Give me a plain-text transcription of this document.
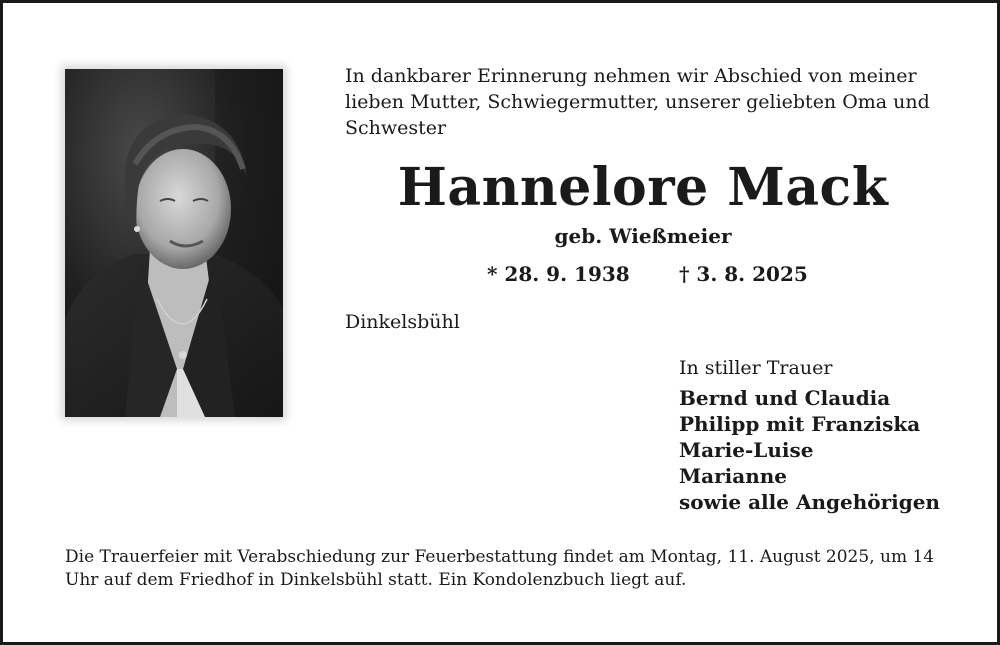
In dankbarer Erinnerung nehmen wir Abschied von meiner lieben Mutter, Schwiegermutter, unserer geliebten Oma und Schwester
Hannelore Mack
geb. Wießmeier
* 28. 9. 1938 † 3. 8. 2025
Dinkelsbühl
In stiller Trauer
Bernd und Claudia
Philipp mit Franziska
Marie-Luise
Marianne
sowie alle Angehörigen
Die Trauerfeier mit Verabschiedung zur Feuerbestattung findet am Montag, 11. August 2025, um 14 Uhr auf dem Friedhof in Dinkelsbühl statt. Ein Kondolenzbuch liegt auf.
